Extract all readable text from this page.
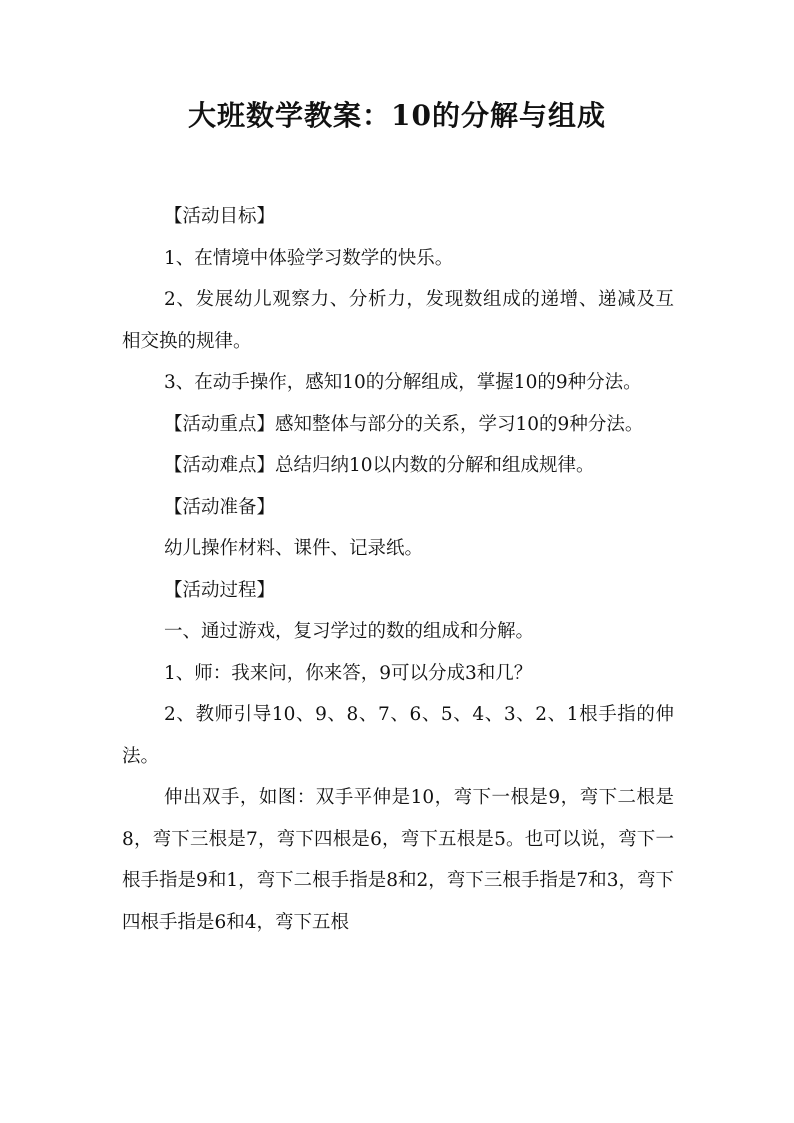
大班数学教案：10的分解与组成

【活动目标】

1、在情境中体验学习数学的快乐。

2、发展幼儿观察力、分析力，发现数组成的递增、递减及互相交换的规律。

3、在动手操作，感知10的分解组成，掌握10的9种分法。

【活动重点】感知整体与部分的关系，学习10的9种分法。

【活动难点】总结归纳10以内数的分解和组成规律。

【活动准备】

幼儿操作材料、课件、记录纸。

【活动过程】

一、通过游戏，复习学过的数的组成和分解。

1、师：我来问，你来答，9可以分成3和几？

2、教师引导10、9、8、7、6、5、4、3、2、1根手指的伸法。

伸出双手，如图：双手平伸是10，弯下一根是9，弯下二根是8，弯下三根是7，弯下四根是6，弯下五根是5。也可以说，弯下一根手指是9和1，弯下二根手指是8和2，弯下三根手指是7和3，弯下四根手指是6和4，弯下五根
